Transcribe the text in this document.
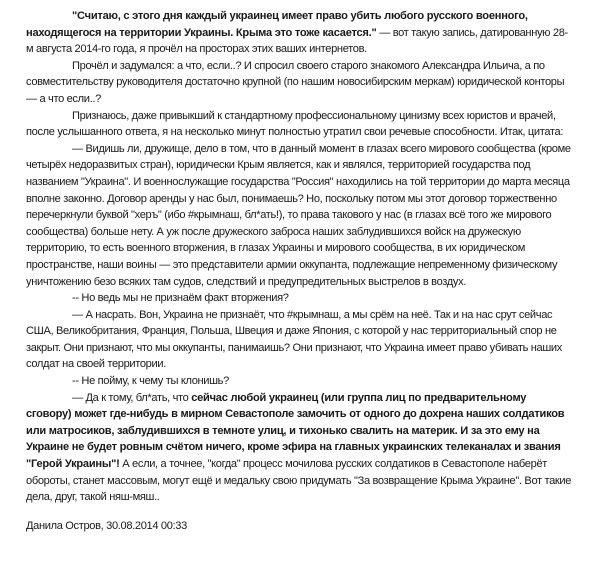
"Считаю, с этого дня каждый украинец имеет право убить любого русского военного, находящегося на территории Украины. Крыма это тоже касается." — вот такую запись, датированную 28-м августа 2014-го года, я прочёл на просторах этих ваших интернетов.

Прочёл и задумался: а что, если..? И спросил своего старого знакомого Александра Ильича, а по совместительству руководителя достаточно крупной (по нашим новосибирским меркам) юридической конторы — а что если..?

Признаюсь, даже привыкший к стандартному профессиональному цинизму всех юристов и врачей, после услышанного ответа, я на несколько минут полностью утратил свои речевые способности. Итак, цитата:

— Видишь ли, дружище, дело в том, что в данный момент в глазах всего мирового сообщества (кроме четырёх недоразвитых стран), юридически Крым является, как и являлся, территорией государства под названием "Украина". И военнослужащие государства "Россия" находились на той территории до марта месяца вполне законно. Договор аренды у нас был, понимаешь? Но, поскольку потом мы этот договор торжественно перечеркнули буквой "херъ" (ибо #крымнаш, бл*ать!), то права такового у нас (в глазах всё того же мирового сообщества) больше нету. А уж после дружеского заброса наших заблудившихся войск на дружескую территорию, то есть военного вторжения, в глазах Украины и мирового сообщества, в их юридическом пространстве, наши воины — это представители армии оккупанта, подлежащие непременному физическому уничтожению безо всяких там судов, следствий и предупредительных выстрелов в воздух.

-- Но ведь мы не признаём факт вторжения?

— А насрать. Вон, Украина не признаёт, что #крымнаш, а мы срём на неё. Так и на нас срут сейчас США, Великобритания, Франция, Польша, Швеция и даже Япония, с которой у нас территориальный спор не закрыт. Они признают, что мы оккупанты, панимаишь? Они признают, что Украина имеет право убивать наших солдат на своей территории.

-- Не пойму, к чему ты клонишь?

— Да к тому, бл*ать, что сейчас любой украинец (или группа лиц по предварительному сговору) может где-нибудь в мирном Севастополе замочить от одного до дохрена наших солдатиков или матросиков, заблудившихся в темноте улиц, и тихонько свалить на материк. И за это ему на Украине не будет ровным счётом ничего, кроме эфира на главных украинских телеканалах и звания "Герой Украины"! А если, а точнее, "когда" процесс мочилова русских солдатиков в Севастополе наберёт обороты, станет массовым, могут ещё и медальку свою придумать "За возвращение Крыма Украине". Вот такие дела, друг, такой няш-мяш..

Данила Остров, 30.08.2014 00:33
